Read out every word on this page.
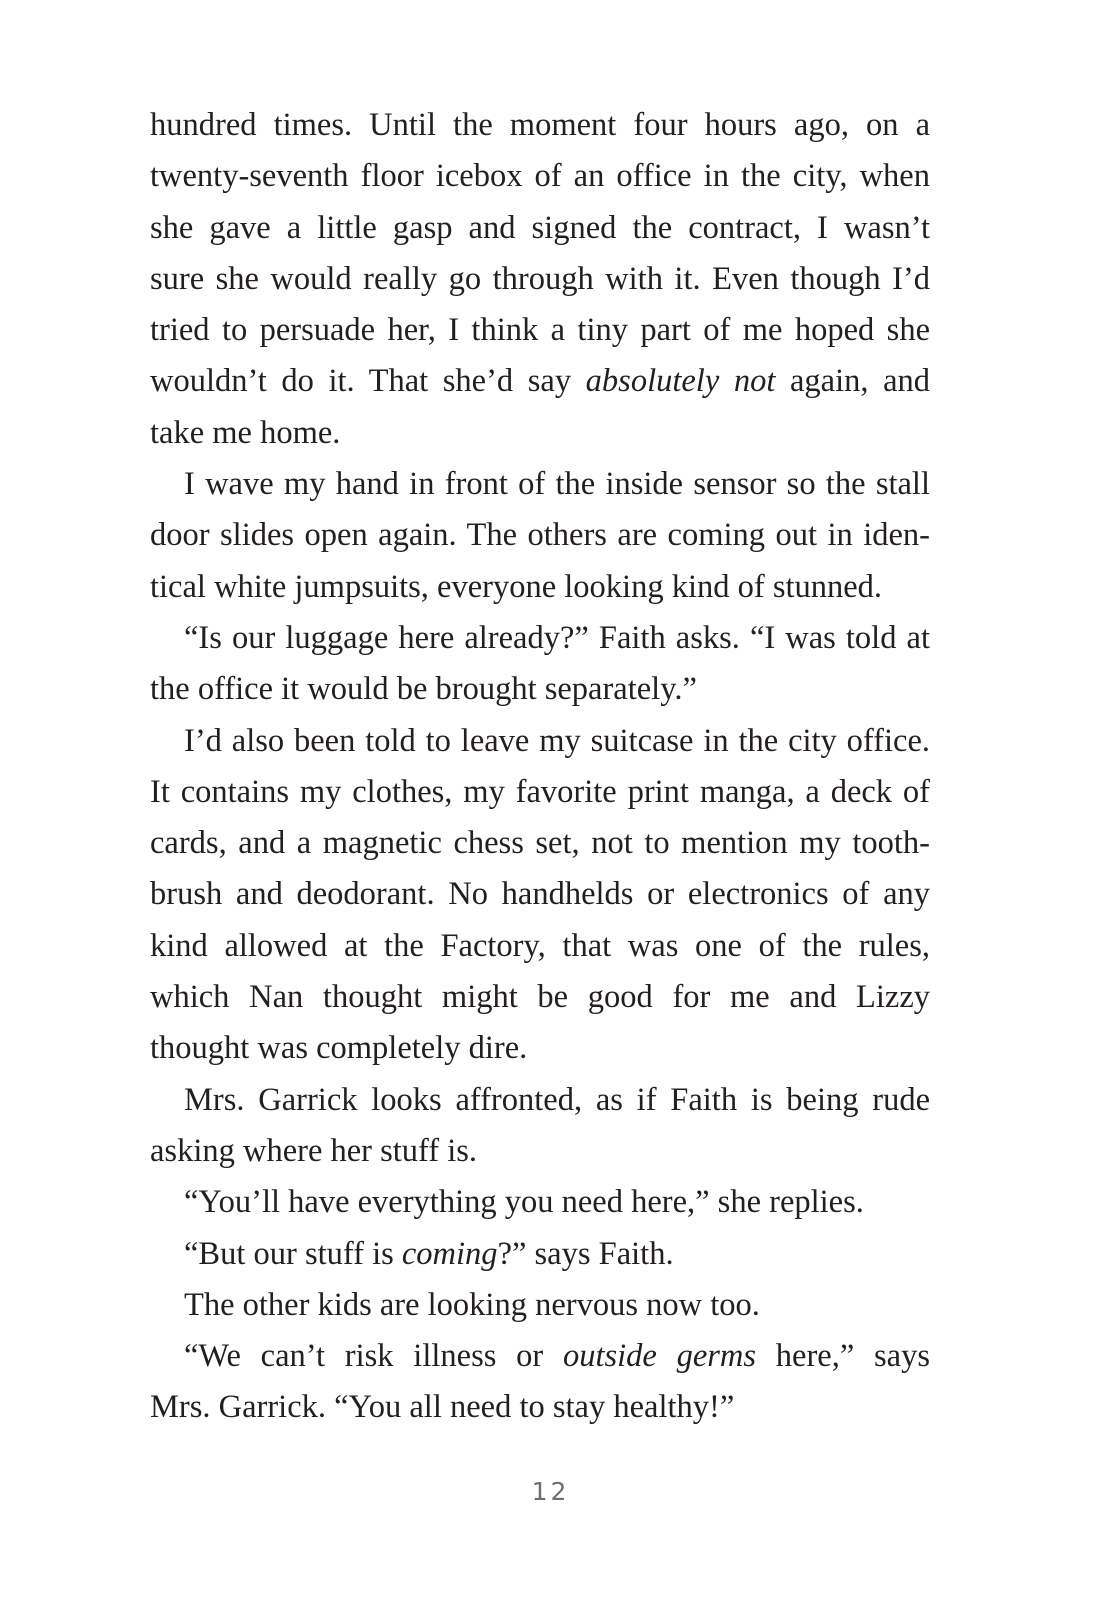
hundred times. Until the moment four hours ago, on a
twenty-seventh floor icebox of an office in the city, when
she gave a little gasp and signed the contract, I wasn’t
sure she would really go through with it. Even though I’d
tried to persuade her, I think a tiny part of me hoped she
wouldn’t do it. That she’d say absolutely not again, and
take me home.
I wave my hand in front of the inside sensor so the stall
door slides open again. The others are coming out in iden-
tical white jumpsuits, everyone looking kind of stunned.
“Is our luggage here already?” Faith asks. “I was told at
the office it would be brought separately.”
I’d also been told to leave my suitcase in the city office.
It contains my clothes, my favorite print manga, a deck of
cards, and a magnetic chess set, not to mention my tooth-
brush and deodorant. No handhelds or electronics of any
kind allowed at the Factory, that was one of the rules,
which Nan thought might be good for me and Lizzy
thought was completely dire.
Mrs. Garrick looks affronted, as if Faith is being rude
asking where her stuff is.
“You’ll have everything you need here,” she replies.
“But our stuff is coming?” says Faith.
The other kids are looking nervous now too.
“We can’t risk illness or outside germs here,” says
Mrs. Garrick. “You all need to stay healthy!”
12
